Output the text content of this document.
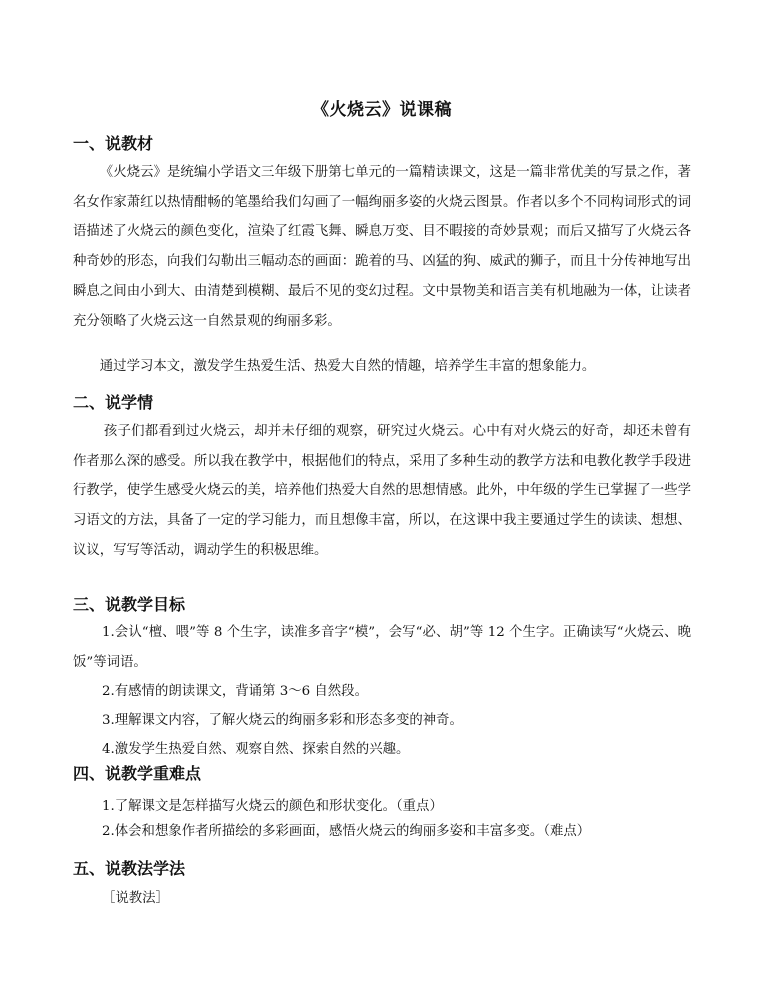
《火烧云》说课稿
一、说教材

《火烧云》是统编小学语文三年级下册第七单元的一篇精读课文，这是一篇非常优美的写景之作，著名女作家萧红以热情酣畅的笔墨给我们勾画了一幅绚丽多姿的火烧云图景。作者以多个不同构词形式的词语描述了火烧云的颜色变化，渲染了红霞飞舞、瞬息万变、目不暇接的奇妙景观；而后又描写了火烧云各种奇妙的形态，向我们勾勒出三幅动态的画面：跪着的马、凶猛的狗、威武的狮子，而且十分传神地写出瞬息之间由小到大、由清楚到模糊、最后不见的变幻过程。文中景物美和语言美有机地融为一体，让读者充分领略了火烧云这一自然景观的绚丽多彩。

通过学习本文，激发学生热爱生活、热爱大自然的情趣，培养学生丰富的想象能力。

二、说学情

孩子们都看到过火烧云，却并未仔细的观察，研究过火烧云。心中有对火烧云的好奇，却还未曾有作者那么深的感受。所以我在教学中，根据他们的特点，采用了多种生动的教学方法和电教化教学手段进行教学，使学生感受火烧云的美，培养他们热爱大自然的思想情感。此外，中年级的学生已掌握了一些学习语文的方法，具备了一定的学习能力，而且想像丰富，所以，在这课中我主要通过学生的读读、想想、议议，写写等活动，调动学生的积极思维。

三、说教学目标

1.会认“檀、喂”等 8 个生字，读准多音字“模”，会写“必、胡”等 12 个生字。正确读写“火烧云、晚饭”等词语。

2.有感情的朗读课文，背诵第 3～6 自然段。

3.理解课文内容，了解火烧云的绚丽多彩和形态多变的神奇。

4.激发学生热爱自然、观察自然、探索自然的兴趣。

四、说教学重难点

1.了解课文是怎样描写火烧云的颜色和形状变化。（重点）

2.体会和想象作者所描绘的多彩画面，感悟火烧云的绚丽多姿和丰富多变。（难点）

五、说教法学法
［说教法］
